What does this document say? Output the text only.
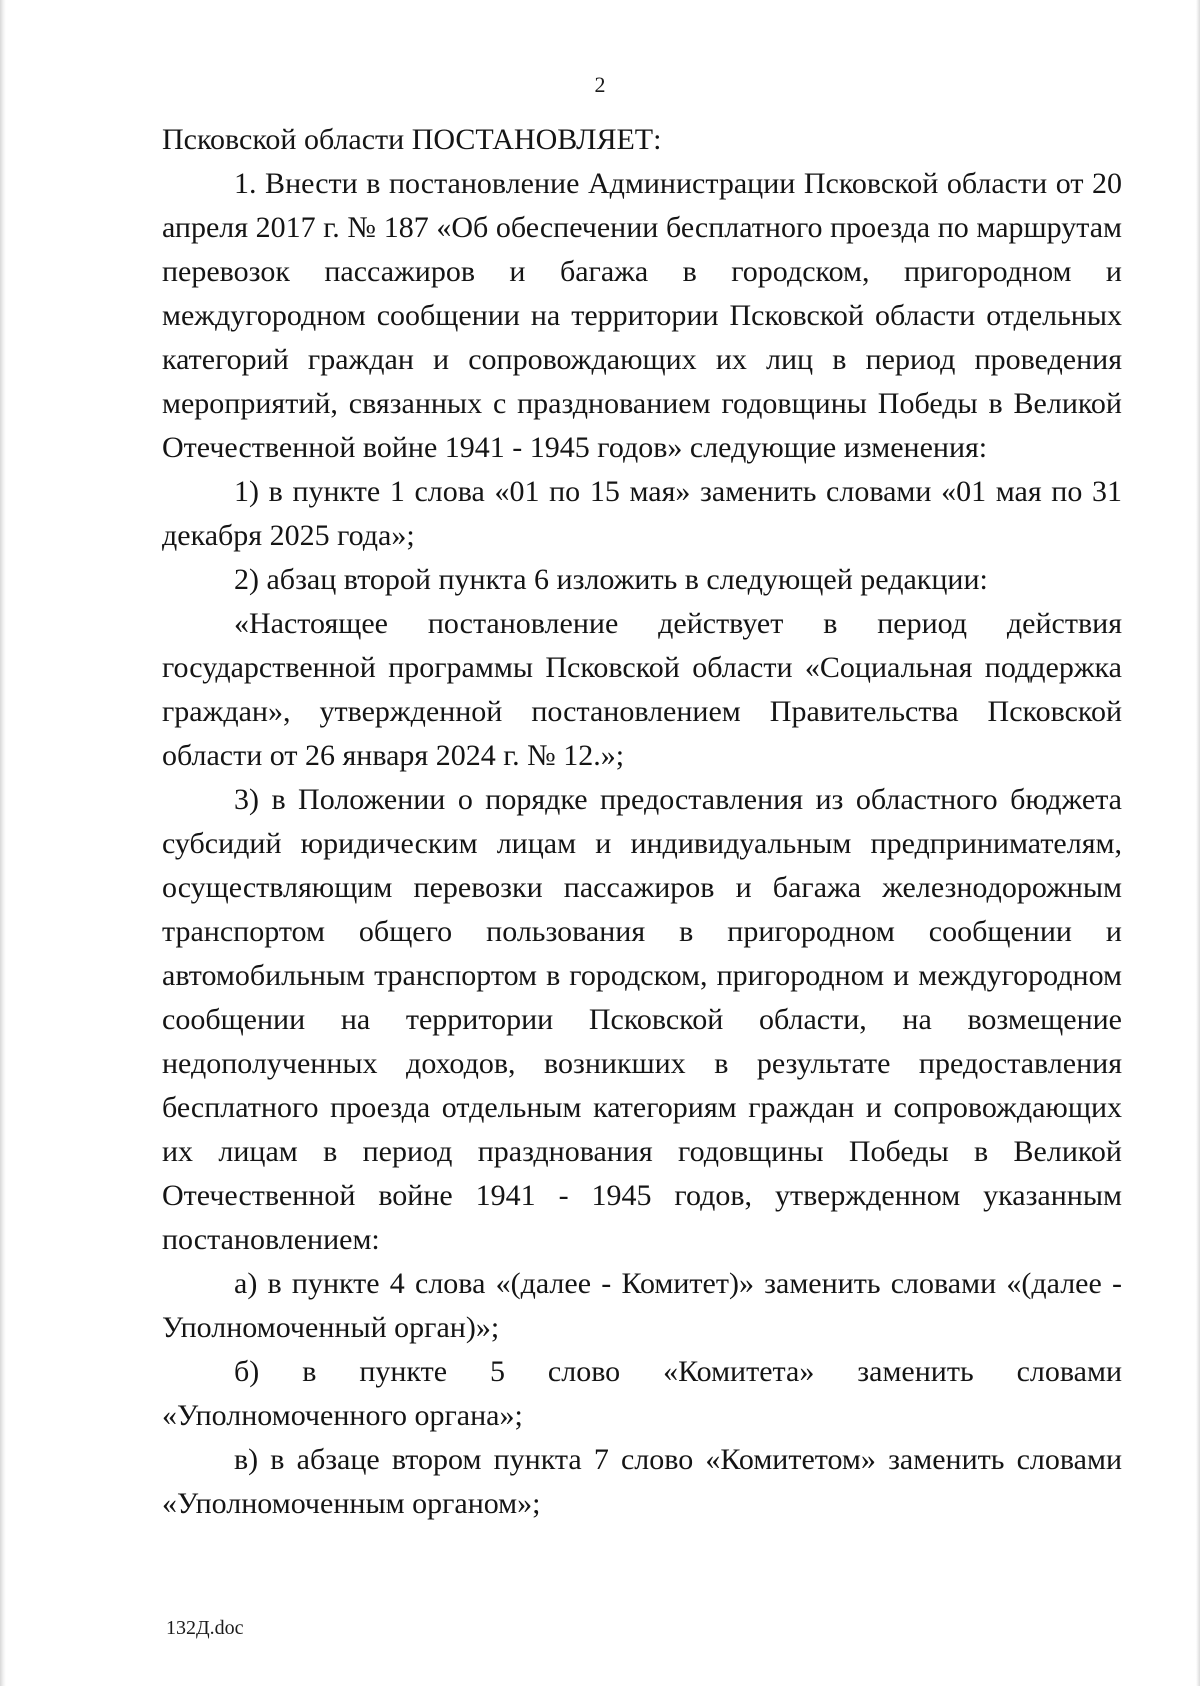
2

Псковской области ПОСТАНОВЛЯЕТ:

1. Внести в постановление Администрации Псковской области от 20 апреля 2017 г. № 187 «Об обеспечении бесплатного проезда по маршрутам перевозок пассажиров и багажа в городском, пригородном и междугородном сообщении на территории Псковской области отдельных категорий граждан и сопровождающих их лиц в период проведения мероприятий, связанных с празднованием годовщины Победы в Великой Отечественной войне 1941 - 1945 годов» следующие изменения:

1) в пункте 1 слова «01 по 15 мая» заменить словами «01 мая по 31 декабря 2025 года»;

2) абзац второй пункта 6 изложить в следующей редакции:

«Настоящее постановление действует в период действия государственной программы Псковской области «Социальная поддержка граждан», утвержденной постановлением Правительства Псковской области от 26 января 2024 г. № 12.»;

3) в Положении о порядке предоставления из областного бюджета субсидий юридическим лицам и индивидуальным предпринимателям, осуществляющим перевозки пассажиров и багажа железнодорожным транспортом общего пользования в пригородном сообщении и автомобильным транспортом в городском, пригородном и междугородном сообщении на территории Псковской области, на возмещение недополученных доходов, возникших в результате предоставления бесплатного проезда отдельным категориям граждан и сопровождающих их лицам в период празднования годовщины Победы в Великой Отечественной войне 1941 - 1945 годов, утвержденном указанным постановлением:

а) в пункте 4 слова «(далее - Комитет)» заменить словами «(далее - Уполномоченный орган)»;

б) в пункте 5 слово «Комитета» заменить словами «Уполномоченного органа»;

в) в абзаце втором пункта 7 слово «Комитетом» заменить словами «Уполномоченным органом»;

132Д.doc
